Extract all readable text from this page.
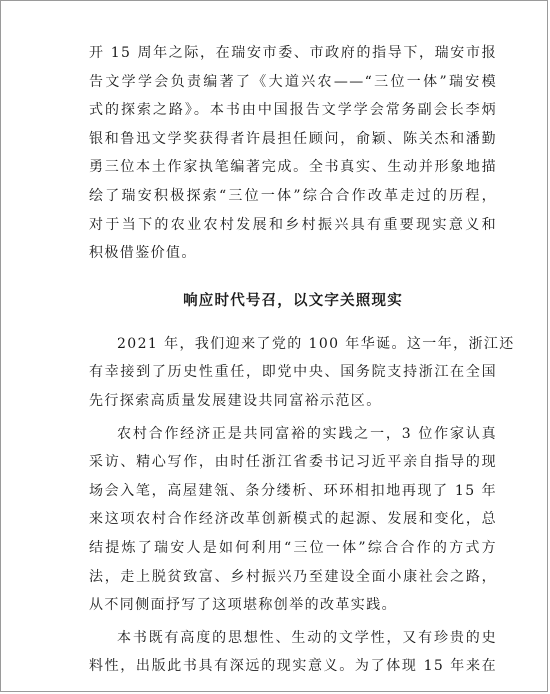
开 15 周年之际，在瑞安市委、市政府的指导下，瑞安市报
告文学学会负责编著了《大道兴农——“三位一体”瑞安模
式的探索之路》。本书由中国报告文学学会常务副会长李炳
银和鲁迅文学奖获得者许晨担任顾问，俞颖、陈关杰和潘勤
勇三位本土作家执笔编著完成。全书真实、生动并形象地描
绘了瑞安积极探索“三位一体”综合合作改革走过的历程，
对于当下的农业农村发展和乡村振兴具有重要现实意义和
积极借鉴价值。
响应时代号召，以文字关照现实
2021 年，我们迎来了党的 100 年华诞。这一年，浙江还
有幸接到了历史性重任，即党中央、国务院支持浙江在全国
先行探索高质量发展建设共同富裕示范区。
农村合作经济正是共同富裕的实践之一，3 位作家认真
采访、精心写作，由时任浙江省委书记习近平亲自指导的现
场会入笔，高屋建瓴、条分缕析、环环相扣地再现了 15 年
来这项农村合作经济改革创新模式的起源、发展和变化，总
结提炼了瑞安人是如何利用“三位一体”综合合作的方式方
法，走上脱贫致富、乡村振兴乃至建设全面小康社会之路，
从不同侧面抒写了这项堪称创举的改革实践。
本书既有高度的思想性、生动的文学性，又有珍贵的史
料性，出版此书具有深远的现实意义。为了体现 15 年来在
